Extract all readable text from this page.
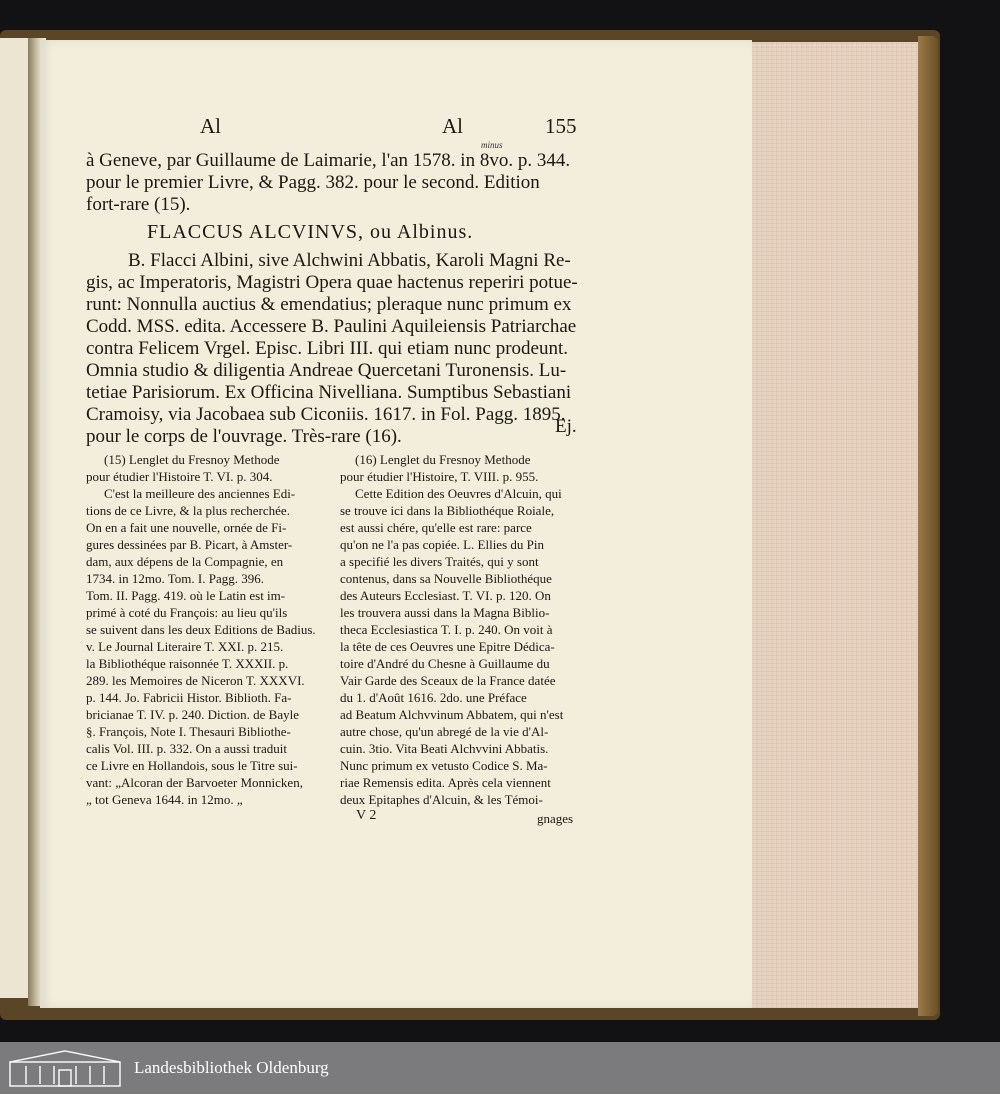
Al	Al	155
minus
à Geneve, par Guillaume de Laimarie, l'an 1578. in 8vo. p. 344.
pour le premier Livre, & Pagg. 382. pour le second. Edition
fort-rare (15).
FLACCUS ALCVINVS, ou Albinus.
B. Flacci Albini, sive Alchwini Abbatis, Karoli Magni Re-
gis, ac Imperatoris, Magistri Opera quae hactenus reperiri potue-
runt: Nonnulla auctius & emendatius; pleraque nunc primum ex
Codd. MSS. edita. Accessere B. Paulini Aquileiensis Patriarchae
contra Felicem Vrgel. Episc. Libri III. qui etiam nunc prodeunt.
Omnia studio & diligentia Andreae Quercetani Turonensis. Lu-
tetiae Parisiorum. Ex Officina Nivelliana. Sumptibus Sebastiani
Cramoisy, via Jacobaea sub Ciconiis. 1617. in Fol. Pagg. 1895.
pour le corps de l'ouvrage. Très-rare (16).	Ej.
(15) Lenglet du Fresnoy Methode
pour étudier l'Histoire T. VI. p. 304.
C'est la meilleure des anciennes Edi-
tions de ce Livre, & la plus recherchée.
On en a fait une nouvelle, ornée de Fi-
gures dessinées par B. Picart, à Amster-
dam, aux dépens de la Compagnie, en
1734. in 12mo. Tom. I. Pagg. 396.
Tom. II. Pagg. 419. où le Latin est im-
primé à coté du François: au lieu qu'ils
se suivent dans les deux Editions de Badius.
v. Le Journal Literaire T. XXI. p. 215.
la Bibliothéque raisonnée T. XXXII. p.
289. les Memoires de Niceron T. XXXVI.
p. 144. Jo. Fabricii Histor. Biblioth. Fa-
bricianae T. IV. p. 240. Diction. de Bayle
§. François, Note I. Thesauri Bibliothe-
calis Vol. III. p. 332. On a aussi traduit
ce Livre en Hollandois, sous le Titre sui-
vant: „Alcoran der Barvoeter Monnicken,
„ tot Geneva 1644. in 12mo. „
(16) Lenglet du Fresnoy Methode
pour étudier l'Histoire, T. VIII. p. 955.
Cette Edition des Oeuvres d'Alcuin, qui
se trouve ici dans la Bibliothéque Roiale,
est aussi chére, qu'elle est rare: parce
qu'on ne l'a pas copiée. L. Ellies du Pin
a specifié les divers Traités, qui y sont
contenus, dans sa Nouvelle Bibliothéque
des Auteurs Ecclesiast. T. VI. p. 120. On
les trouvera aussi dans la Magna Biblio-
theca Ecclesiastica T. I. p. 240. On voit à
la tête de ces Oeuvres une Epitre Dédica-
toire d'André du Chesne à Guillaume du
Vair Garde des Sceaux de la France datée
du 1. d'Août 1616. 2do. une Préface
ad Beatum Alchvvinum Abbatem, qui n'est
autre chose, qu'un abregé de la vie d'Al-
cuin. 3tio. Vita Beati Alchvvini Abbatis.
Nunc primum ex vetusto Codice S. Ma-
riae Remensis edita. Après cela viennent
deux Epitaphes d'Alcuin, & les Témoi-
V 2	gnages
Landesbibliothek Oldenburg
